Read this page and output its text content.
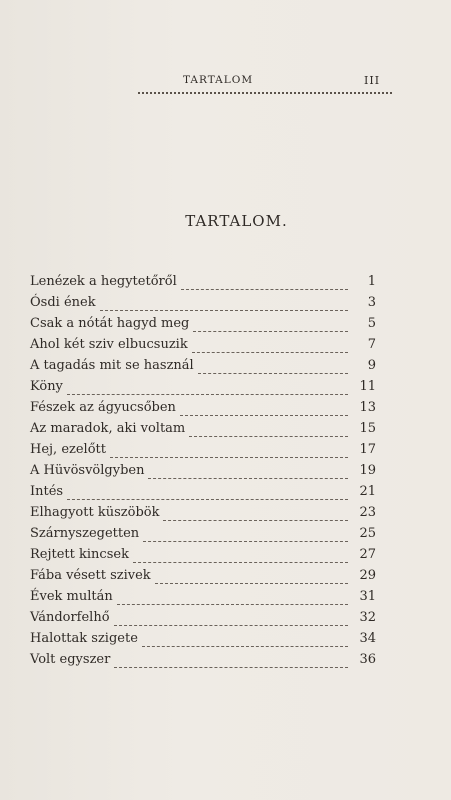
TARTALOM	III
TARTALOM.
Lenézek a hegytetőről	1
Ósdi ének	3
Csak a nótát hagyd meg	5
Ahol két sziv elbucsuzik	7
A tagadás mit se használ	9
Köny	11
Fészek az ágyucsőben	13
Az maradok, aki voltam	15
Hej, ezelőtt	17
A Hüvösvölgyben	19
Intés	21
Elhagyott küszöbök	23
Szárnyszegetten	25
Rejtett kincsek	27
Fába vésett szivek	29
Évek multán	31
Vándorfelhő	32
Halottak szigete	34
Volt egyszer	36
